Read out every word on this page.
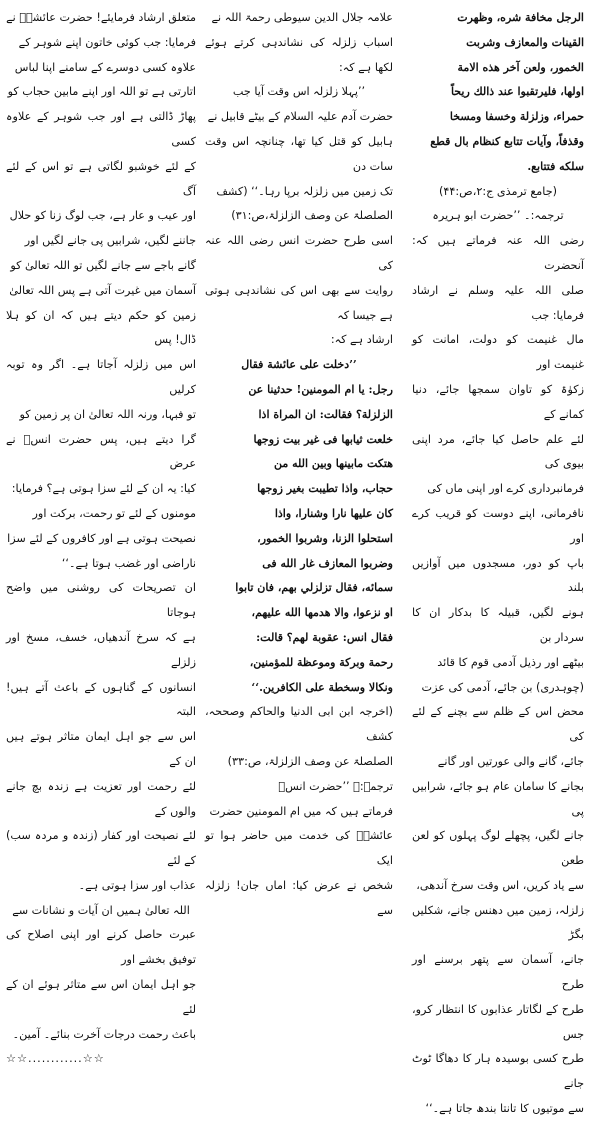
الرجل مخافة شره، وظهرت

القينات والمعازف وشربت

الخمور، ولعن آخر هذه الامة

اولها، فليرتقبوا عند ذالك ريحاً

حمراء، وزلزلة وخسفا ومسخا

وقذفاً، وآيات تتابع كنظام بال قطع

سلكه فتتابع.

(جامع ترمذی ج:۲،ص:۴۴)

ترجمہ:۔ ’’حضرت ابو ہریرہ

رضی اللہ عنہ فرماتے ہیں کہ: آنحضرت

صلی اللہ علیہ وسلم نے ارشاد فرمایا: جب

مال غنیمت کو دولت، امانت کو غنیمت اور

زکوٰۃ کو تاوان سمجھا جائے، دنیا کمانے کے

لئے علم حاصل کیا جائے، مرد اپنی بیوی کی

فرمانبرداری کرے اور اپنی ماں کی

نافرمانی، اپنے دوست کو قریب کرے اور

باپ کو دور، مسجدوں میں آوازیں بلند

ہونے لگیں، قبیلہ کا بدکار ان کا سردار بن

بیٹھے اور رذیل آدمی قوم کا قائد

(چوہدری) بن جائے، آدمی کی عزت

محض اس کے ظلم سے بچنے کے لئے کی

جائے، گانے والی عورتیں اور گانے

بجانے کا سامان عام ہو جائے، شرابیں پی

جانے لگیں، پچھلے لوگ پہلوں کو لعن طعن

سے یاد کریں، اس وقت سرخ آندھی،

زلزلہ، زمین میں دھنس جانے، شکلیں بگڑ

جانے، آسمان سے پتھر برسنے اور طرح

طرح کے لگاتار عذابوں کا انتظار کرو، جس

طرح کسی بوسیدہ ہار کا دھاگا ٹوٹ جانے

سے موتیوں کا تانتا بندھ جاتا ہے۔‘‘

علامہ جلال الدین سیوطی رحمۃ اللہ نے

اسباب زلزلہ کی نشاندہی کرتے ہوئے لکھا ہے کہ:

’’پہلا زلزلہ اس وقت آیا جب

حضرت آدم علیہ السلام کے بیٹے قابیل نے

ہابیل کو قتل کیا تھا، چنانچہ اس وقت سات دن

تک زمین میں زلزلہ برپا رہا۔‘‘ (کشف

الصلصلۃ عن وصف الزلزلۃ،ص:۳۱)

اسی طرح حضرت انس رضی اللہ عنہ کی

روایت سے بھی اس کی نشاندہی ہوتی ہے جیسا کہ

ارشاد ہے کہ:

’’دخلت علی عائشة فقال

رجل: یا ام المومنین! حدثینا عن

الزلزلة؟ فقالت: ان المراة اذا

خلعت ثیابها فی غیر بیت زوجها

هتكت مابينها وبين الله من

حجاب، واذا تطيبت بغير زوجها

كان عليها نارا وشنارا، واذا

استحلوا الزنا، وشربوا الخمور،

وضربوا المعازف غار الله فی

سمائه، فقال تزلزلي بهم، فان تابوا

او نزعوا، والا هدمها الله عليهم،

فقال انس: عقوبة لهم؟ قالت:

رحمة وبركة وموعظة للمؤمنين،

ونكالا وسخطة على الكافرين.‘‘

(اخرجہ ابن ابی الدنیا والحاکم وصححہ، کشف

الصلصلۃ عن وصف الزلزلۃ، ص:۳۳)

ترجمہ:۔ ’’حضرت انسؓ

فرماتے ہیں کہ میں ام المومنین حضرت

عائشہؓ کی خدمت میں حاضر ہوا تو ایک

شخص نے عرض کیا: اماں جان! زلزلہ سے

متعلق ارشاد فرمایئے! حضرت عائشہؓ نے

فرمایا: جب کوئی خاتون اپنے شوہر کے

علاوہ کسی دوسرے کے سامنے اپنا لباس

اتارتی ہے تو اللہ اور اپنے مابین حجاب کو

پھاڑ ڈالتی ہے اور جب شوہر کے علاوہ کسی

کے لئے خوشبو لگاتی ہے تو اس کے لئے آگ

اور عیب و عار ہے، جب لوگ زنا کو حلال

جاننے لگیں، شرابیں پی جانے لگیں اور

گانے باجے سے جانے لگیں تو اللہ تعالیٰ کو

آسمان میں غیرت آتی ہے پس اللہ تعالیٰ

زمین کو حکم دیتے ہیں کہ ان کو ہلا ڈال! پس

اس میں زلزلہ آجاتا ہے۔ اگر وہ توبہ کرلیں

تو فبہا، ورنہ اللہ تعالیٰ ان پر زمین کو

گرا دیتے ہیں، پس حضرت انسؓ نے عرض

کیا: یہ ان کے لئے سزا ہوتی ہے؟ فرمایا:

مومنوں کے لئے تو رحمت، برکت اور

نصیحت ہوتی ہے اور کافروں کے لئے سزا

ناراضی اور غضب ہوتا ہے۔‘‘

ان تصریحات کی روشنی میں واضح ہوجاتا

ہے کہ سرخ آندھیاں، خسف، مسخ اور زلزلے

انسانوں کے گناہوں کے باعث آتے ہیں! البتہ

اس سے جو اہل ایمان متاثر ہوتے ہیں ان کے

لئے رحمت اور تعزیت ہے زندہ بچ جانے والوں کے

لئے نصیحت اور کفار (زندہ و مردہ سب) کے لئے

عذاب اور سزا ہوتی ہے۔

اللہ تعالیٰ ہمیں ان آیات و نشانات سے

عبرت حاصل کرنے اور اپنی اصلاح کی توفیق بخشے اور

جو اہل ایمان اس سے متاثر ہوئے ان کے لئے

باعث رحمت درجات آخرت بنائے۔ آمین۔

☆☆............☆☆
